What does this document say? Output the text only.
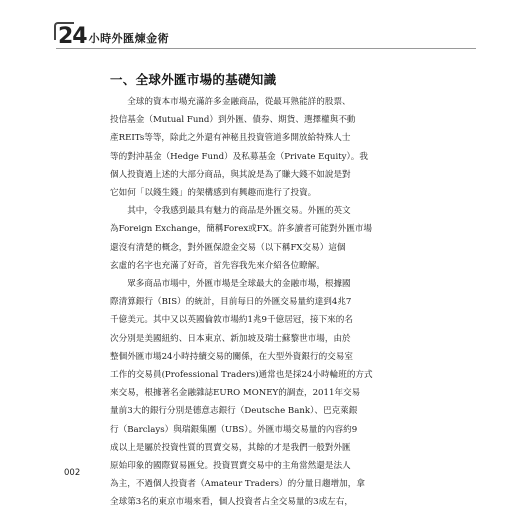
24 小時外匯煉金術
一、全球外匯市場的基礎知識
　　全球的資本市場充滿許多金融商品，從最耳熟能詳的股票、
投信基金（Mutual Fund）到外匯、債券、期貨、選擇權與不動
產REITs等等，除此之外還有神秘且投資管道多開放給特殊人士
等的對沖基金（Hedge Fund）及私募基金（Private Equity）。我
個人投資過上述的大部分商品，與其說是為了賺大錢不如說是對
它如何「以錢生錢」的架構感到有興趣而進行了投資。
　　其中，令我感到最具有魅力的商品是外匯交易。外匯的英文
為Foreign Exchange，簡稱Forex或FX。許多讀者可能對外匯市場
還沒有清楚的概念，對外匯保證金交易（以下稱FX交易）這個
玄虛的名字也充滿了好奇，首先容我先來介紹各位瞭解。
　　眾多商品市場中，外匯市場是全球最大的金融市場，根據國
際清算銀行（BIS）的統計，目前每日的外匯交易量約達到4兆7
千億美元。其中又以英國倫敦市場約1兆9千億居冠，接下來的名
次分別是美國紐約、日本東京、新加坡及瑞士蘇黎世市場，由於
整個外匯市場24小時持續交易的關係，在大型外資銀行的交易室
工作的交易員(Professional Traders)通常也是採24小時輪班的方式
來交易，根據著名金融雜誌EURO MONEY的調查，2011年交易
量前3大的銀行分別是德意志銀行（Deutsche Bank）、巴克萊銀
行（Barclays）與瑞銀集團（UBS）。外匯市場交易量的內容約9
成以上是屬於投資性質的買賣交易，其餘的才是我們一般對外匯
原始印象的國際貿易匯兌。投資買賣交易中的主角當然還是法人
為主，不過個人投資者（Amateur Traders）的分量日趨增加，拿
全球第3名的東京市場來看，個人投資者占全交易量的3成左右，
002
